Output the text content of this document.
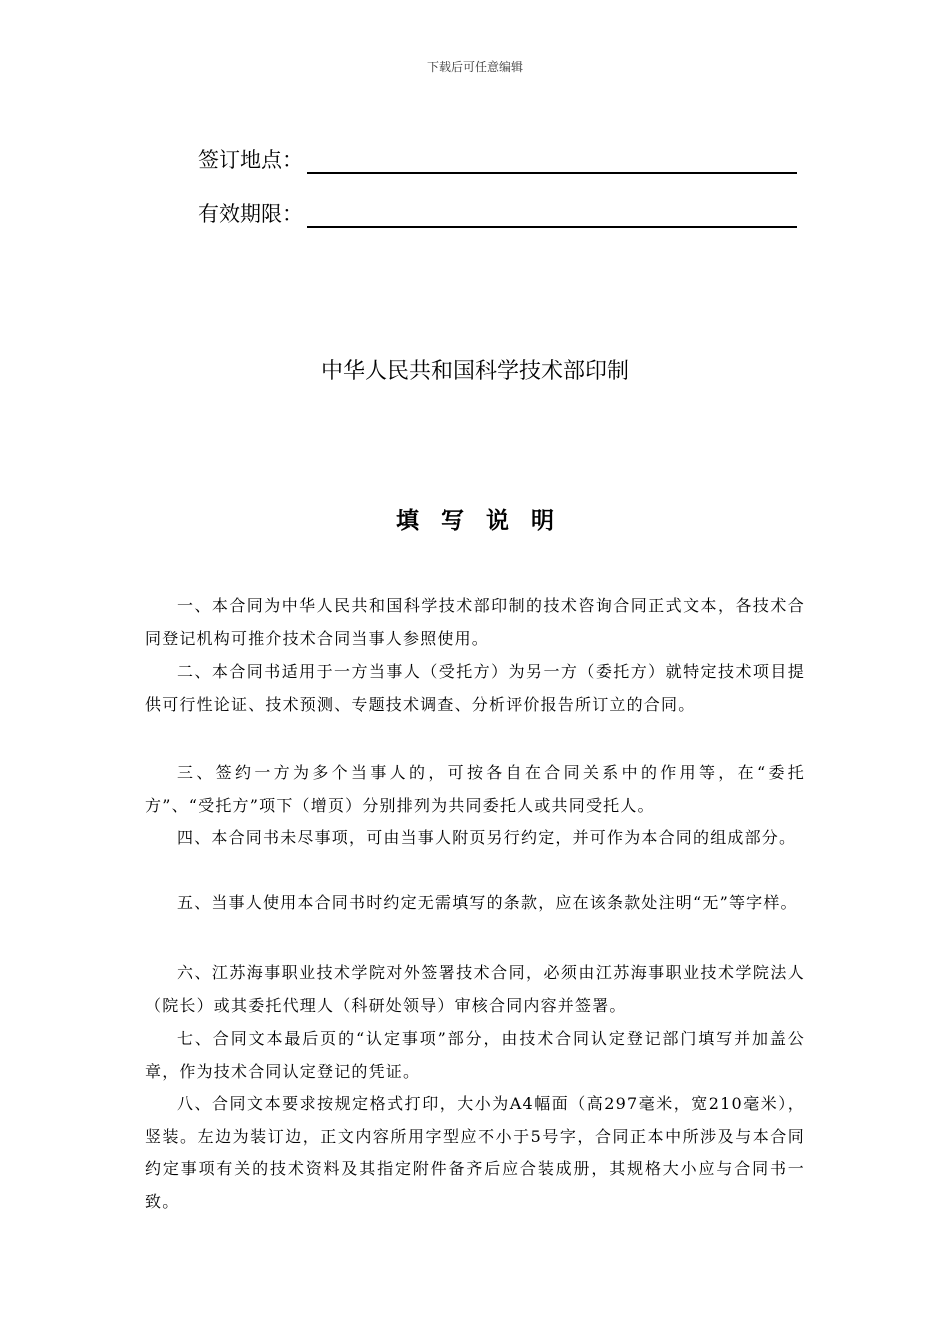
下载后可任意编辑
签订地点：
有效期限：
中华人民共和国科学技术部印制
填写说明

一、本合同为中华人民共和国科学技术部印制的技术咨询合同正式文本，各技术合同登记机构可推介技术合同当事人参照使用。

二、本合同书适用于一方当事人（受托方）为另一方（委托方）就特定技术项目提供可行性论证、技术预测、专题技术调查、分析评价报告所订立的合同。

三、签约一方为多个当事人的，可按各自在合同关系中的作用等，在“委托方”、“受托方”项下（增页）分别排列为共同委托人或共同受托人。

四、本合同书未尽事项，可由当事人附页另行约定，并可作为本合同的组成部分。

五、当事人使用本合同书时约定无需填写的条款，应在该条款处注明“无”等字样。

六、江苏海事职业技术学院对外签署技术合同，必须由江苏海事职业技术学院法人（院长）或其委托代理人（科研处领导）审核合同内容并签署。

七、合同文本最后页的“认定事项”部分，由技术合同认定登记部门填写并加盖公章，作为技术合同认定登记的凭证。

八、合同文本要求按规定格式打印，大小为A4幅面（高297毫米，宽210毫米），竖装。左边为装订边，正文内容所用字型应不小于5号字，合同正本中所涉及与本合同约定事项有关的技术资料及其指定附件备齐后应合装成册，其规格大小应与合同书一致。
